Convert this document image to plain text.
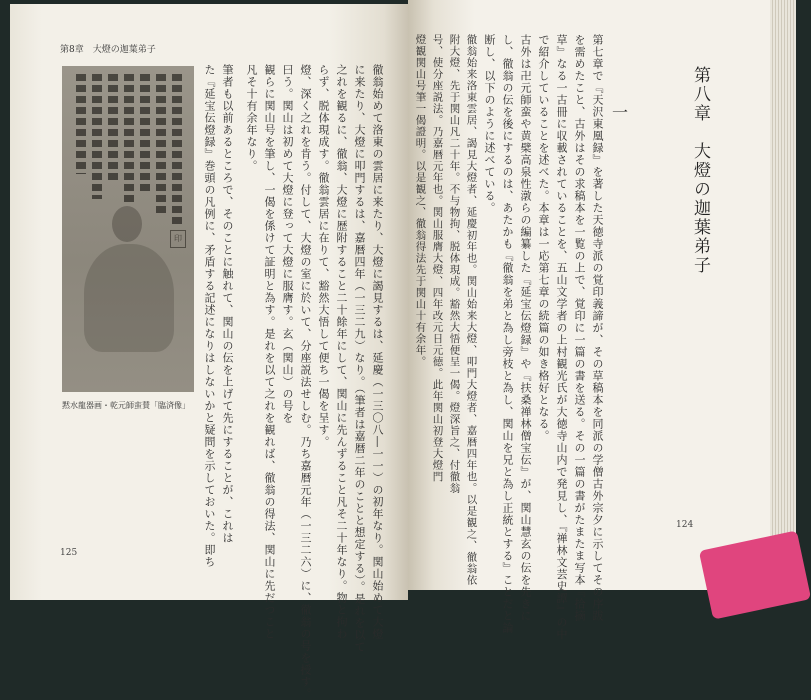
第8章　大燈の迦葉弟子
125
印
黙水龍器画・乾元師蛮賛「臨済像」	徹翁始めて洛東の雲居に来たり、大燈に謁見するは、延慶（一三〇八―一一）の初年なり。関山始めて大燈
に来たり、大燈に叩門するは、嘉暦四年（一三二九）なり。（筆者は嘉暦二年のことと想定する）。是れを以て
之れを観るに、徹翁、大燈に歴附すること二十餘年にして、関山に先んずること凡そ二十年なり。物と拘わ
らず、脱体現成す。徹翁雲居に在りて、豁然大悟して便ち一偈を呈す。
燈、深く之れを肯う。付して、大燈の室に於いて、分座説法せしむ。乃ち嘉暦元年（一三二六）に、徹翁の号を授す。
曰う。関山は初めて大燈に登って大燈に服膺す。玄（関山）の号を
観らに関山号を筆し、一偈を係けて証明と為す。是れを以て之れを観れば、徹翁の得法、関山に先だつこと
凡そ十有余年なり。
筆者も以前あるところで、そのことに触れて、関山の伝を上げて先にすることが、これは
た『延宝伝燈録』巻頭の凡例に、矛盾する記述になりはしないかと疑問を示しておいた。即ち	第八章　大燈の迦葉弟子
一
124
第七章で『天沢東凰録』を著した天徳寺派の覚印義諦が、その草稿本を同派の学僧古外宗夕に示してその序跋
を需めたこと、古外はその求稿本を一覧の上で、覚印に一篇の書を送る。その一篇の書がたまたま写本『拾摘
草』なる一古冊に収載されていることを、五山文学者の上村観光氏が大徳寺山内で発見し、『禅林文芸史譚』の中
で紹介していることを述べた。本章は一応第七章の続篇の如き格好となる。
古外は卍元師蛮や黄檗高泉性潡らの編纂した『延宝伝燈録』や『扶桑禅林僧宝伝』が、関山慧玄の伝を先きに
し、徹翁の伝を後にするのは、あたかも『徹翁を弟と為し旁枝と為し、関山を兄と為し正統とする』ことだと論
断し、以下のように述べている。
徹翁始来洛東雲居、謁見大燈者、延慶初年也。関山始来大燈、叩門大燈者、嘉暦四年也。以是観之、徹翁依
附大燈、先于関山凡二十年。不与物拘、脱体現成。豁然大悟便呈一偈。燈深旨之、付徹翁
号、使分座説法。乃嘉暦元年也。関山服膺大燈、四年改元日元徳。此年関山初登大燈門
燈観関山号筆一偈證明。以是観之、徹翁得法先于関山十有余年。
